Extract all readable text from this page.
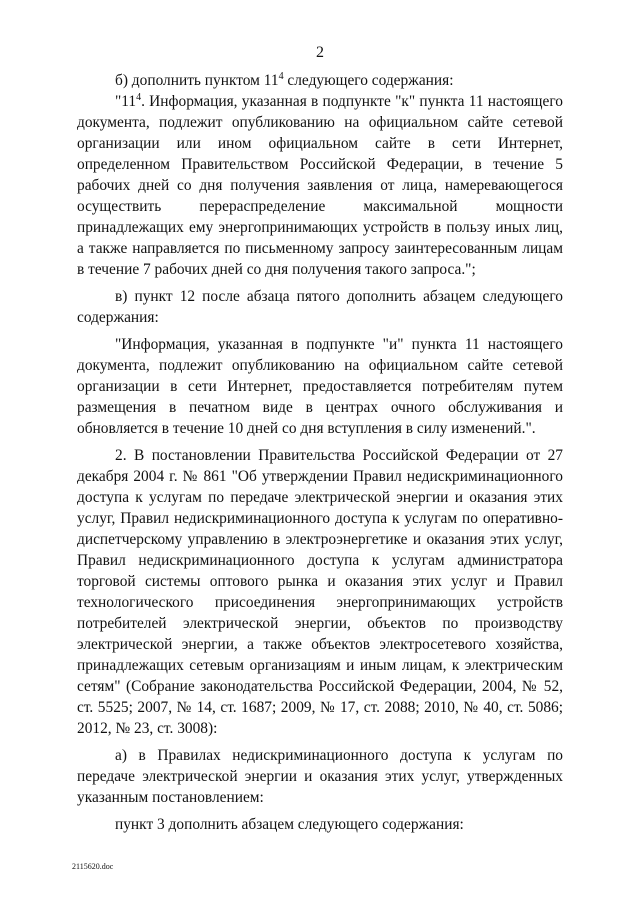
2

б) дополнить пунктом $11^4$ следующего содержания:

"$11^4$. Информация, указанная в подпункте "к" пункта 11 настоящего документа, подлежит опубликованию на официальном сайте сетевой организации или ином официальном сайте в сети Интернет, определенном Правительством Российской Федерации, в течение 5 рабочих дней со дня получения заявления от лица, намеревающегося осуществить перераспределение максимальной мощности принадлежащих ему энергопринимающих устройств в пользу иных лиц, а также направляется по письменному запросу заинтересованным лицам в течение 7 рабочих дней со дня получения такого запроса.";

в) пункт 12 после абзаца пятого дополнить абзацем следующего содержания:

"Информация, указанная в подпункте "и" пункта 11 настоящего документа, подлежит опубликованию на официальном сайте сетевой организации в сети Интернет, предоставляется потребителям путем размещения в печатном виде в центрах очного обслуживания и обновляется в течение 10 дней со дня вступления в силу изменений.".

2. В постановлении Правительства Российской Федерации от 27 декабря 2004 г. № 861 "Об утверждении Правил недискриминационного доступа к услугам по передаче электрической энергии и оказания этих услуг, Правил недискриминационного доступа к услугам по оперативно-диспетчерскому управлению в электроэнергетике и оказания этих услуг, Правил недискриминационного доступа к услугам администратора торговой системы оптового рынка и оказания этих услуг и Правил технологического присоединения энергопринимающих устройств потребителей электрической энергии, объектов по производству электрической энергии, а также объектов электросетевого хозяйства, принадлежащих сетевым организациям и иным лицам, к электрическим сетям" (Собрание законодательства Российской Федерации, 2004, № 52, ст. 5525; 2007, № 14, ст. 1687; 2009, № 17, ст. 2088; 2010, № 40, ст. 5086; 2012, № 23, ст. 3008):

а) в Правилах недискриминационного доступа к услугам по передаче электрической энергии и оказания этих услуг, утвержденных указанным постановлением:

пункт 3 дополнить абзацем следующего содержания:

2115620.doc
